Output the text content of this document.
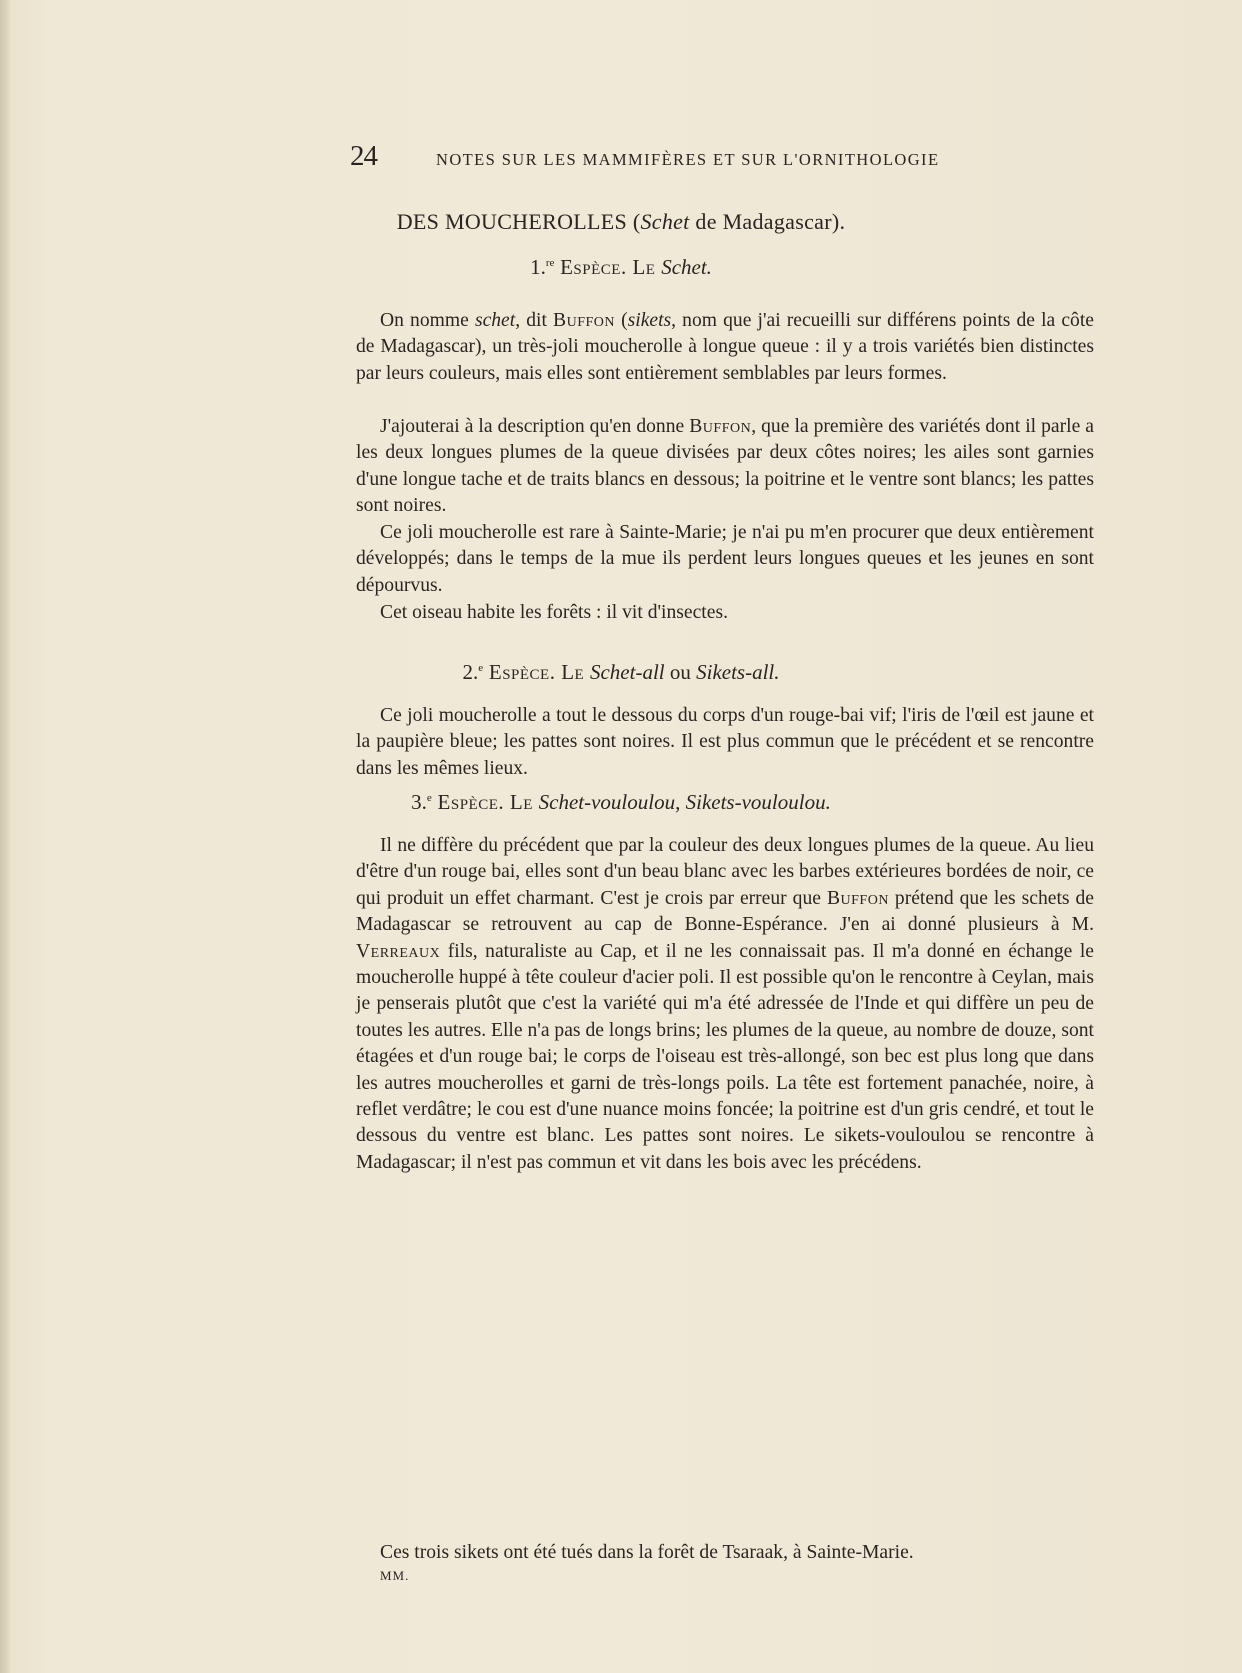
24	NOTES SUR LES MAMMIFÈRES ET SUR L'ORNITHOLOGIE
DES MOUCHEROLLES (Schet de Madagascar).
1.$^{re}$ Espèce. Le Schet.

On nomme schet, dit Buffon (sikets, nom que j'ai recueilli sur différens points de la côte de Madagascar), un très-joli moucherolle à longue queue : il y a trois variétés bien distinctes par leurs couleurs, mais elles sont entièrement semblables par leurs formes.

J'ajouterai à la description qu'en donne Buffon, que la première des variétés dont il parle a les deux longues plumes de la queue divisées par deux côtes noires; les ailes sont garnies d'une longue tache et de traits blancs en dessous; la poitrine et le ventre sont blancs; les pattes sont noires.

Ce joli moucherolle est rare à Sainte-Marie; je n'ai pu m'en procurer que deux entièrement développés; dans le temps de la mue ils perdent leurs longues queues et les jeunes en sont dépourvus.

Cet oiseau habite les forêts : il vit d'insectes.

2.$^e$ Espèce. Le Schet-all ou Sikets-all.

Ce joli moucherolle a tout le dessous du corps d'un rouge-bai vif; l'iris de l'œil est jaune et la paupière bleue; les pattes sont noires. Il est plus commun que le précédent et se rencontre dans les mêmes lieux.

3.$^e$ Espèce. Le Schet-vouloulou, Sikets-vouloulou.

Il ne diffère du précédent que par la couleur des deux longues plumes de la queue. Au lieu d'être d'un rouge bai, elles sont d'un beau blanc avec les barbes extérieures bordées de noir, ce qui produit un effet charmant. C'est je crois par erreur que Buffon prétend que les schets de Madagascar se retrouvent au cap de Bonne-Espérance. J'en ai donné plusieurs à M. Verreaux fils, naturaliste au Cap, et il ne les connaissait pas. Il m'a donné en échange le moucherolle huppé à tête couleur d'acier poli. Il est possible qu'on le rencontre à Ceylan, mais je penserais plutôt que c'est la variété qui m'a été adressée de l'Inde et qui diffère un peu de toutes les autres. Elle n'a pas de longs brins; les plumes de la queue, au nombre de douze, sont étagées et d'un rouge bai; le corps de l'oiseau est très-allongé, son bec est plus long que dans les autres moucherolles et garni de très-longs poils. La tête est fortement panachée, noire, à reflet verdâtre; le cou est d'une nuance moins foncée; la poitrine est d'un gris cendré, et tout le dessous du ventre est blanc. Les pattes sont noires. Le sikets-vouloulou se rencontre à Madagascar; il n'est pas commun et vit dans les bois avec les précédens.

Ces trois sikets ont été tués dans la forêt de Tsaraak, à Sainte-Marie.

MM.
